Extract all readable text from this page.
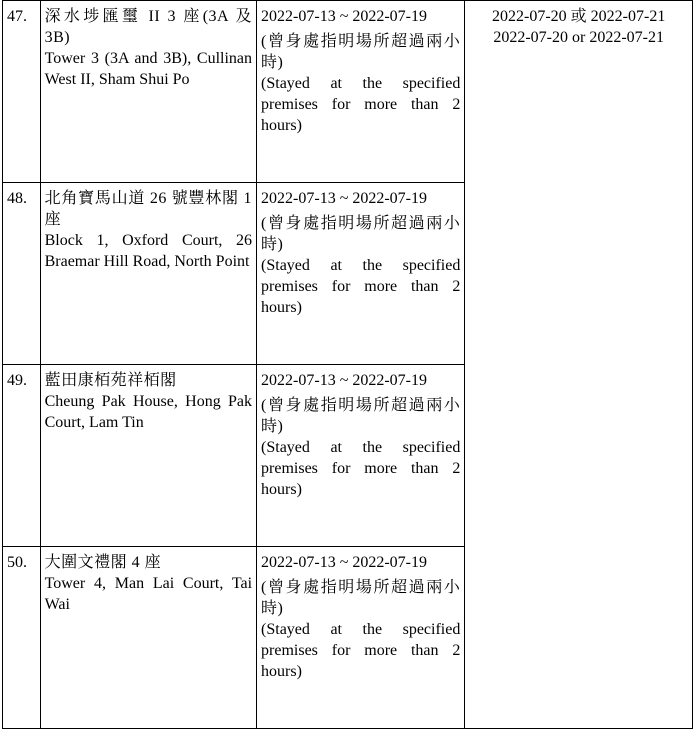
47.	深水埗匯璽 II 3 座(3A 及 3B)
Tower 3 (3A and 3B), Cullinan West II, Sham Shui Po	2022-07-13 ~ 2022-07-19
(曾身處指明場所超過兩小時)
(Stayed at the specified premises for more than 2 hours)	2022-07-20 或 2022-07-21
2022-07-20 or 2022-07-21

48.	北角寶馬山道 26 號豐林閣 1 座
Block 1, Oxford Court, 26 Braemar Hill Road, North Point	2022-07-13 ~ 2022-07-19
(曾身處指明場所超過兩小時)
(Stayed at the specified premises for more than 2 hours)	

49.	藍田康栢苑祥栢閣
Cheung Pak House, Hong Pak Court, Lam Tin	2022-07-13 ~ 2022-07-19
(曾身處指明場所超過兩小時)
(Stayed at the specified premises for more than 2 hours)	

50.	大圍文禮閣 4 座
Tower 4, Man Lai Court, Tai Wai	2022-07-13 ~ 2022-07-19
(曾身處指明場所超過兩小時)
(Stayed at the specified premises for more than 2 hours)	
